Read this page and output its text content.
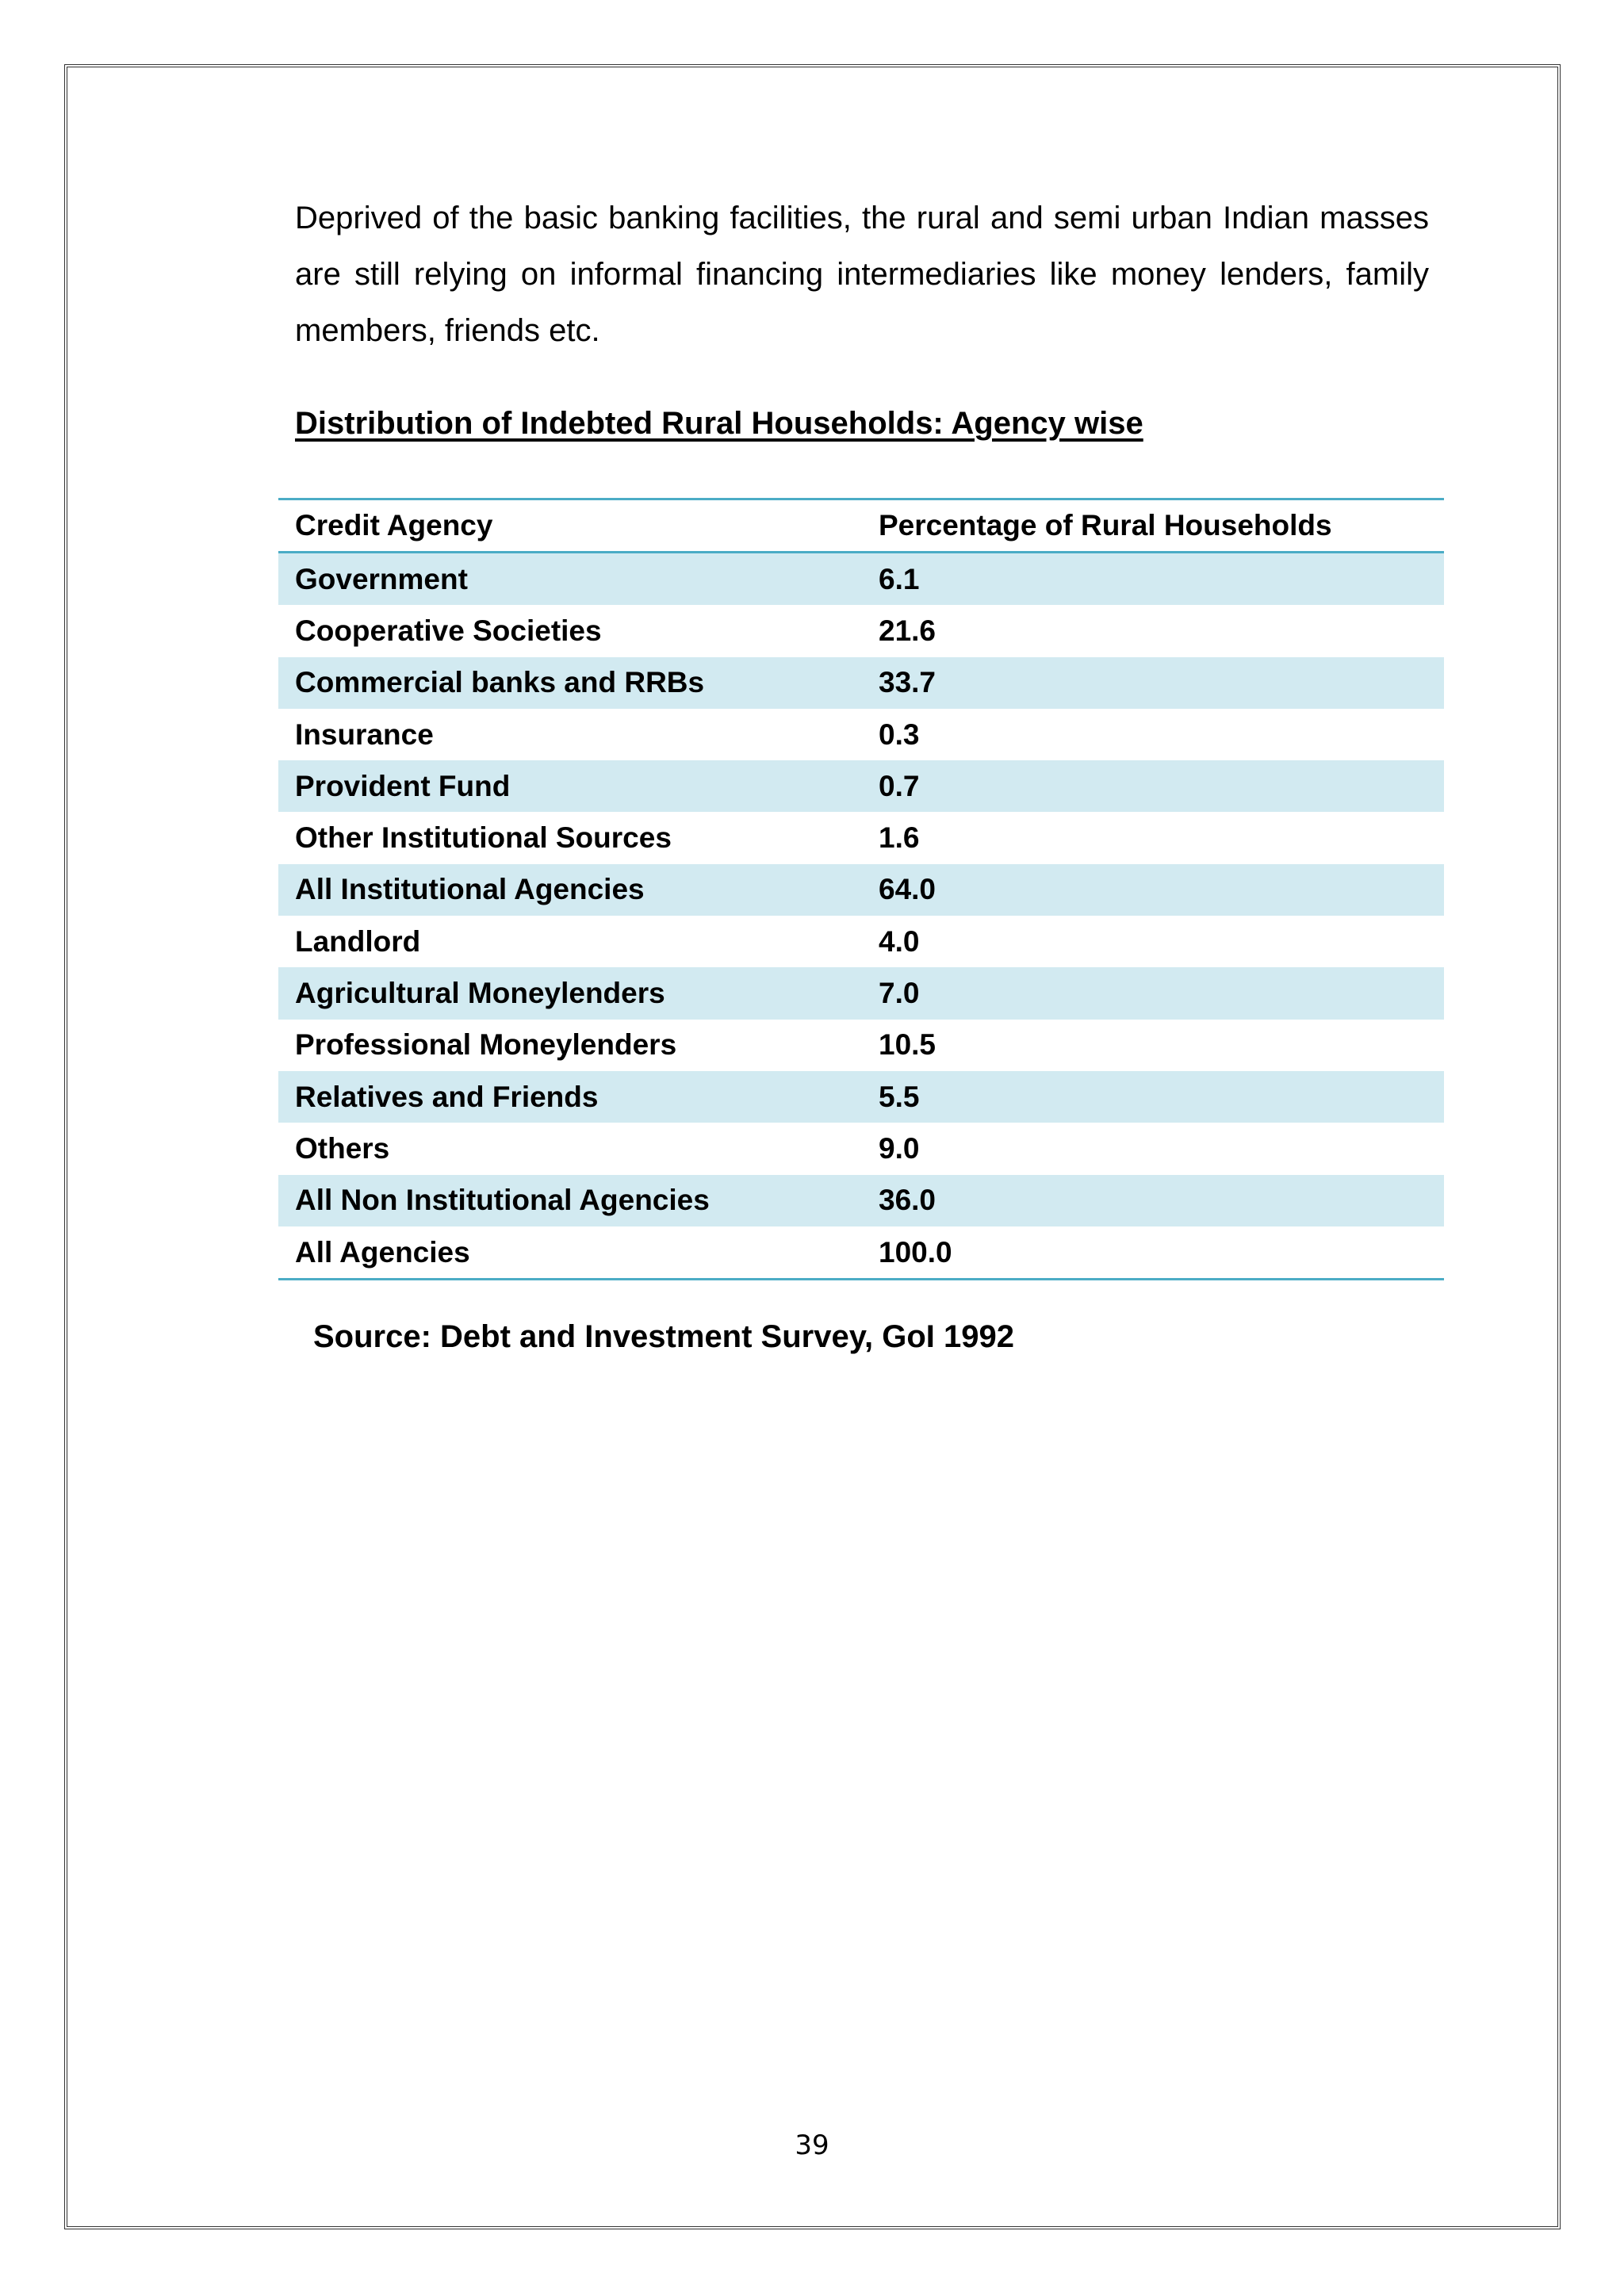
Deprived of the basic banking facilities, the rural and semi urban Indian masses are still relying on informal financing intermediaries like money lenders, family members, friends etc.

Distribution of Indebted Rural Households: Agency wise
Credit Agency	Percentage of Rural Households
Government	6.1
Cooperative Societies	21.6
Commercial banks and RRBs	33.7
Insurance	0.3
Provident Fund	0.7
Other Institutional Sources	1.6
All Institutional Agencies	64.0
Landlord	4.0
Agricultural Moneylenders	7.0
Professional Moneylenders	10.5
Relatives and Friends	5.5
Others	9.0
All Non Institutional Agencies	36.0
All Agencies	100.0

Source: Debt and Investment Survey, GoI 1992

39
